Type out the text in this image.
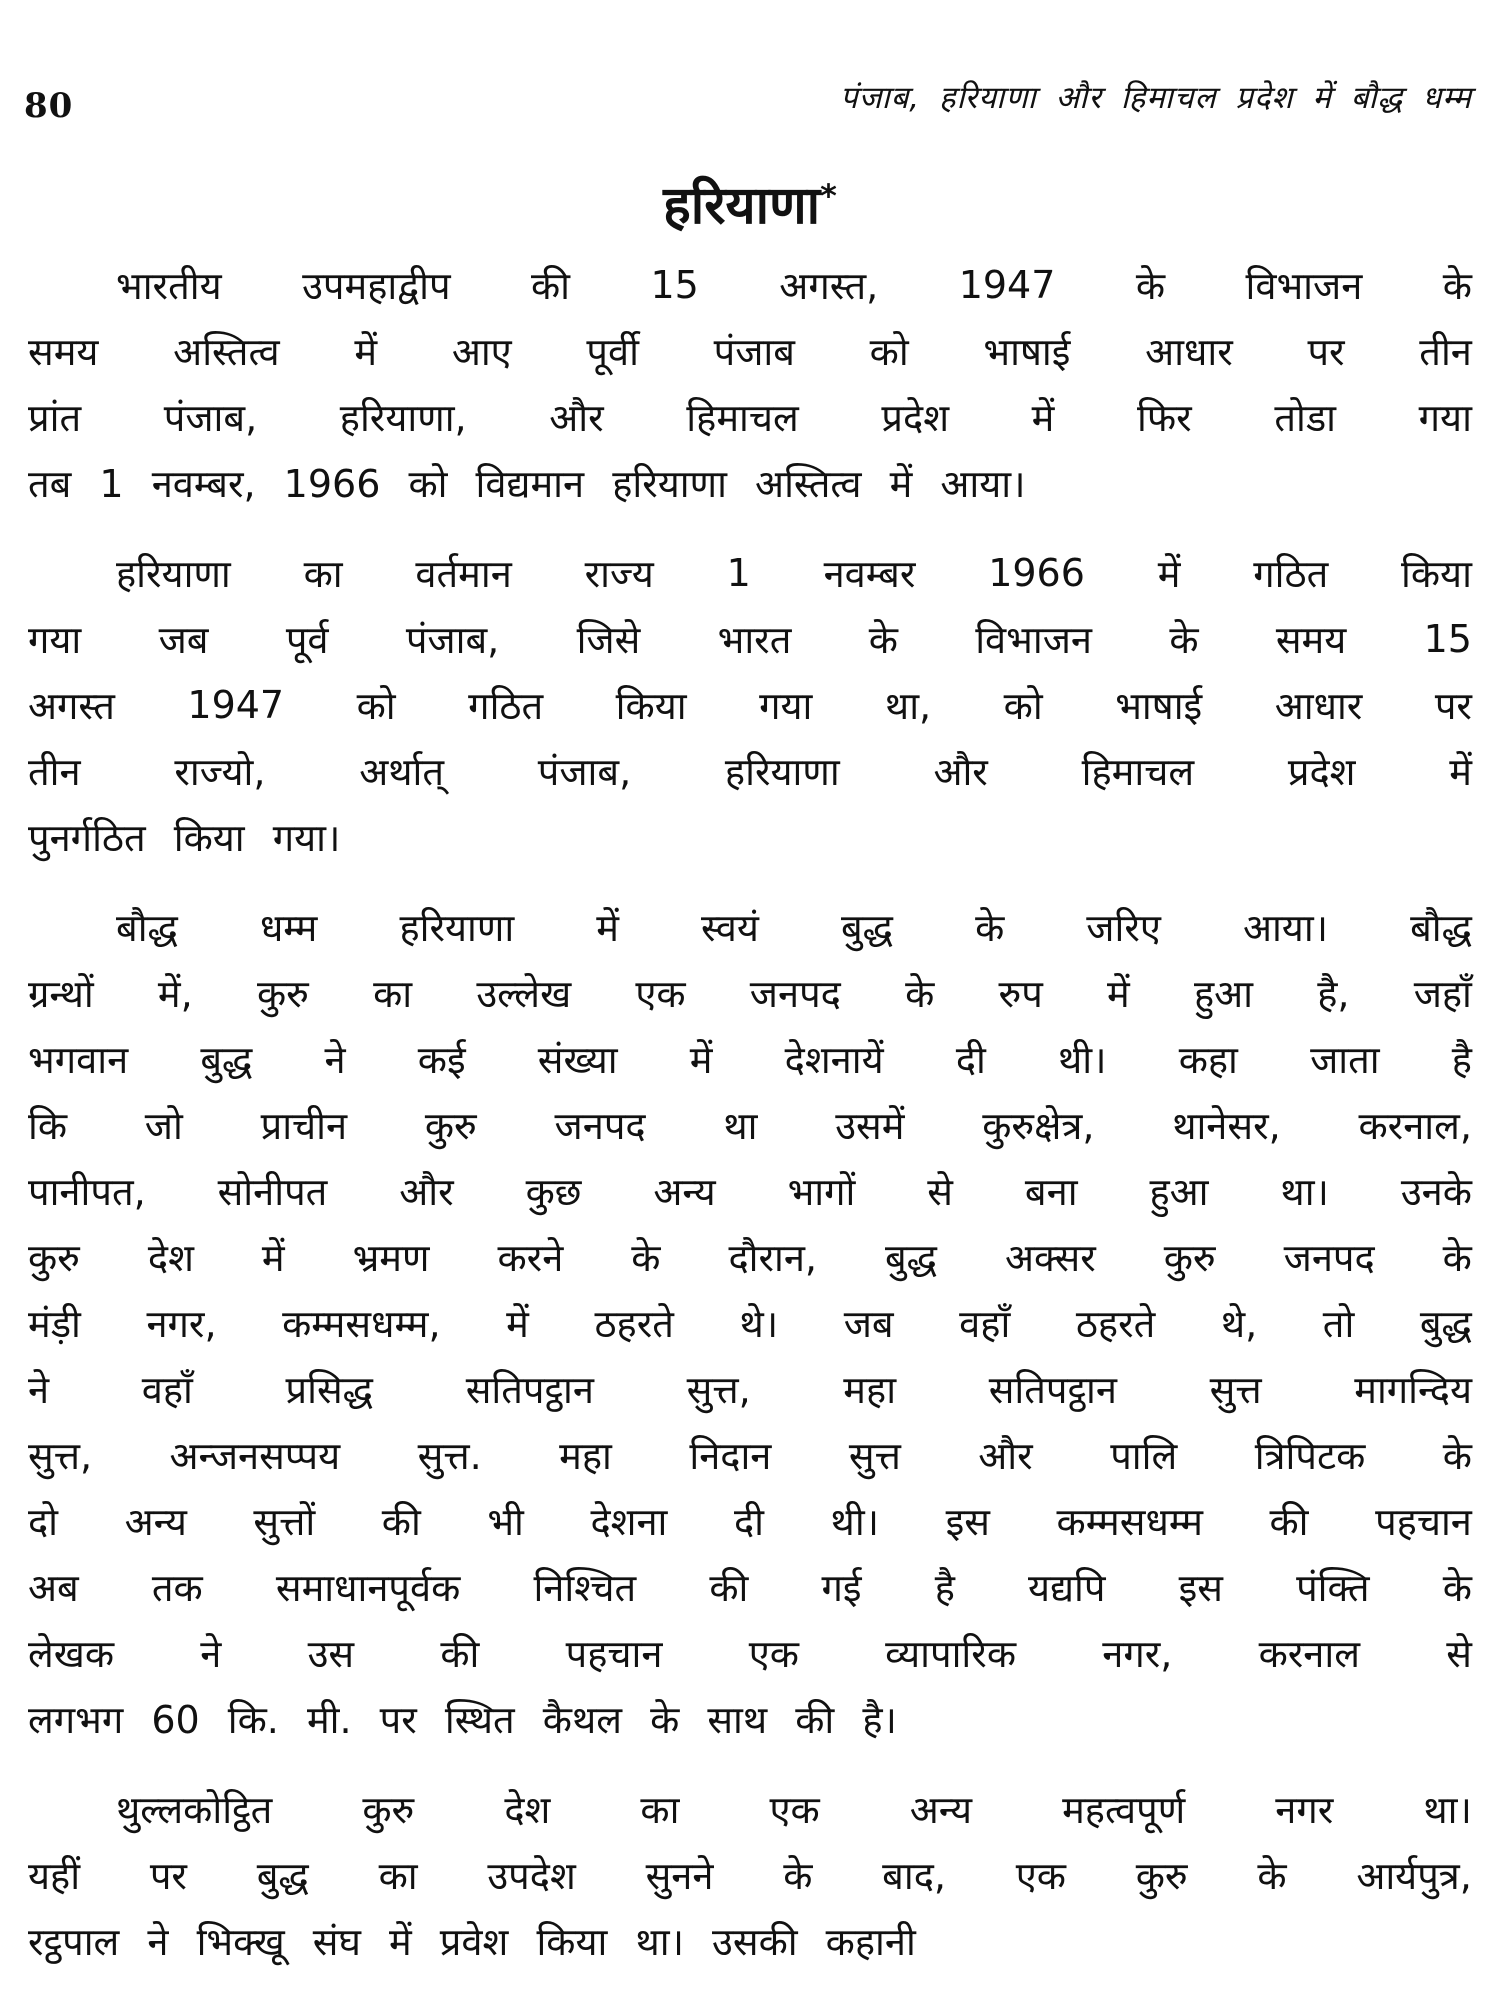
80	पंजाब, हरियाणा और हिमाचल प्रदेश में बौद्ध धम्म
हरियाणा*
भारतीय उपमहाद्वीप की 15 अगस्त, 1947 के विभाजन के
समय अस्तित्व में आए पूर्वी पंजाब को भाषाई आधार पर तीन
प्रांत पंजाब, हरियाणा, और हिमाचल प्रदेश में फिर तोडा गया
तब 1 नवम्बर, 1966 को विद्यमान हरियाणा अस्तित्व में आया।
हरियाणा का वर्तमान राज्य 1 नवम्बर 1966 में गठित किया
गया जब पूर्व पंजाब, जिसे भारत के विभाजन के समय 15
अगस्त 1947 को गठित किया गया था, को भाषाई आधार पर
तीन राज्यो, अर्थात् पंजाब, हरियाणा और हिमाचल प्रदेश में
पुनर्गठित किया गया।
बौद्ध धम्म हरियाणा में स्वयं बुद्ध के जरिए आया। बौद्ध
ग्रन्थों में, कुरु का उल्लेख एक जनपद के रुप में हुआ है, जहाँ
भगवान बुद्ध ने कई संख्या में देशनायें दी थी। कहा जाता है
कि जो प्राचीन कुरु जनपद था उसमें कुरुक्षेत्र, थानेसर, करनाल,
पानीपत, सोनीपत और कुछ अन्य भागों से बना हुआ था। उनके
कुरु देश में भ्रमण करने के दौरान, बुद्ध अक्सर कुरु जनपद के
मंड़ी नगर, कम्मसधम्म, में ठहरते थे। जब वहाँ ठहरते थे, तो बुद्ध
ने वहाँ प्रसिद्ध सतिपट्ठान सुत्त, महा सतिपट्ठान सुत्त मागन्दिय
सुत्त, अन्जनसप्पय सुत्त. महा निदान सुत्त और पालि त्रिपिटक के
दो अन्य सुत्तों की भी देशना दी थी। इस कम्मसधम्म की पहचान
अब तक समाधानपूर्वक निश्चित की गई है यद्यपि इस पंक्ति के
लेखक ने उस की पहचान एक व्यापारिक नगर, करनाल से
लगभग 60 कि. मी. पर स्थित कैथल के साथ की है।
थुल्लकोट्ठित कुरु देश का एक अन्य महत्वपूर्ण नगर था।
यहीं पर बुद्ध का उपदेश सुनने के बाद, एक कुरु के आर्यपुत्र,
रट्ठपाल ने भिक्खू संघ में प्रवेश किया था। उसकी कहानी
